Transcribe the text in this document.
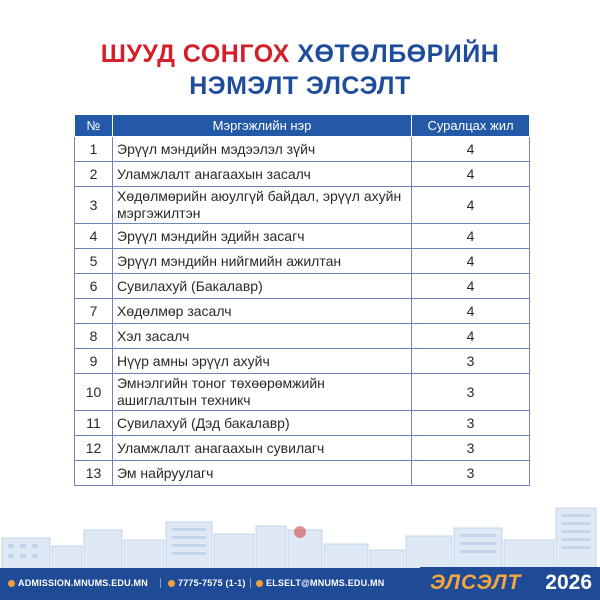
ШУУД СОНГОХ ХӨТӨЛБӨРИЙН
НЭМЭЛТ ЭЛСЭЛТ
№	Мэргэжлийн нэр	Суралцах жил
1	Эрүүл мэндийн мэдээлэл зүйч	4
2	Уламжлалт анагаахын засалч	4
3	Хөдөлмөрийн аюулгүй байдал, эрүүл ахуйн мэргэжилтэн	4
4	Эрүүл мэндийн эдийн засагч	4
5	Эрүүл мэндийн нийгмийн ажилтан	4
6	Сувилахуй (Бакалавр)	4
7	Хөдөлмөр засалч	4
8	Хэл засалч	4
9	Нүүр амны эрүүл ахуйч	3
10	Эмнэлгийн тоног төхөөрөмжийн ашиглалтын техникч	3
11	Сувилахуй (Дэд бакалавр)	3
12	Уламжлалт анагаахын сувилагч	3
13	Эм найруулагч	3
ADMISSION.MNUMS.EDU.MN	7775-7575 (1-1)	ELSELT@MNUMS.EDU.MN ЭЛСЭЛТ 2026
